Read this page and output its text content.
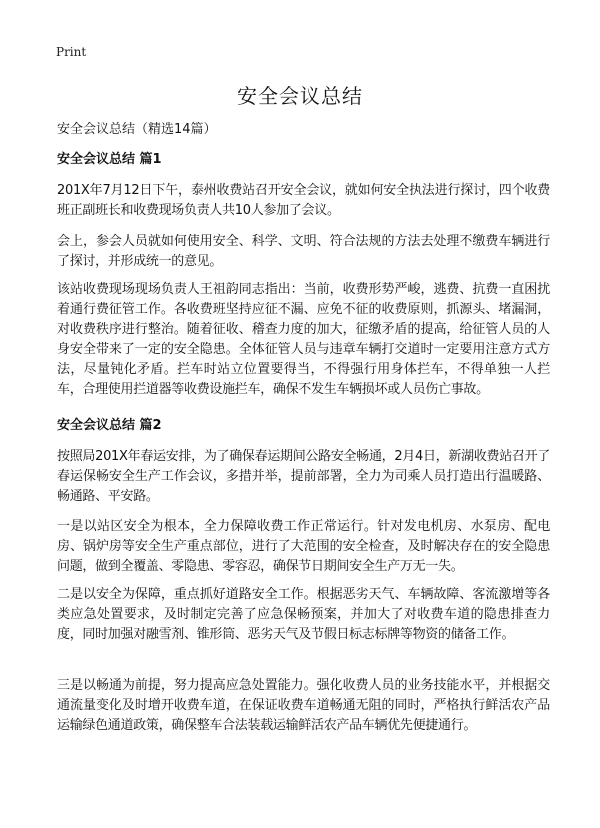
Print
安全会议总结
安全会议总结（精选14篇）
安全会议总结 篇1
201X年7月12日下午，泰州收费站召开安全会议，就如何安全执法进行探讨，四个收费班正副班长和收费现场负责人共10人参加了会议。
会上，参会人员就如何使用安全、科学、文明、符合法规的方法去处理不缴费车辆进行了探讨，并形成统一的意见。
该站收费现场现场负责人王祖韵同志指出：当前，收费形势严峻，逃费、抗费一直困扰着通行费征管工作。各收费班坚持应征不漏、应免不征的收费原则，抓源头、堵漏洞，对收费秩序进行整治。随着征收、稽查力度的加大，征缴矛盾的提高，给征管人员的人身安全带来了一定的安全隐患。全体征管人员与违章车辆打交道时一定要用注意方式方法，尽量钝化矛盾。拦车时站立位置要得当，不得强行用身体拦车，不得单独一人拦车，合理使用拦道器等收费设施拦车，确保不发生车辆损坏或人员伤亡事故。
安全会议总结 篇2
按照局201X年春运安排，为了确保春运期间公路安全畅通，2月4日，新湖收费站召开了春运保畅安全生产工作会议，多措并举，提前部署，全力为司乘人员打造出行温暖路、畅通路、平安路。
一是以站区安全为根本，全力保障收费工作正常运行。针对发电机房、水泵房、配电房、锅炉房等安全生产重点部位，进行了大范围的安全检查，及时解决存在的安全隐患问题，做到全覆盖、零隐患、零容忍，确保节日期间安全生产万无一失。
二是以安全为保障，重点抓好道路安全工作。根据恶劣天气、车辆故障、客流激增等各类应急处置要求，及时制定完善了应急保畅预案，并加大了对收费车道的隐患排查力度，同时加强对融雪剂、锥形筒、恶劣天气及节假日标志标牌等物资的储备工作。
三是以畅通为前提，努力提高应急处置能力。强化收费人员的业务技能水平，并根据交通流量变化及时增开收费车道，在保证收费车道畅通无阻的同时，严格执行鲜活农产品运输绿色通道政策，确保整车合法装载运输鲜活农产品车辆优先便捷通行。
